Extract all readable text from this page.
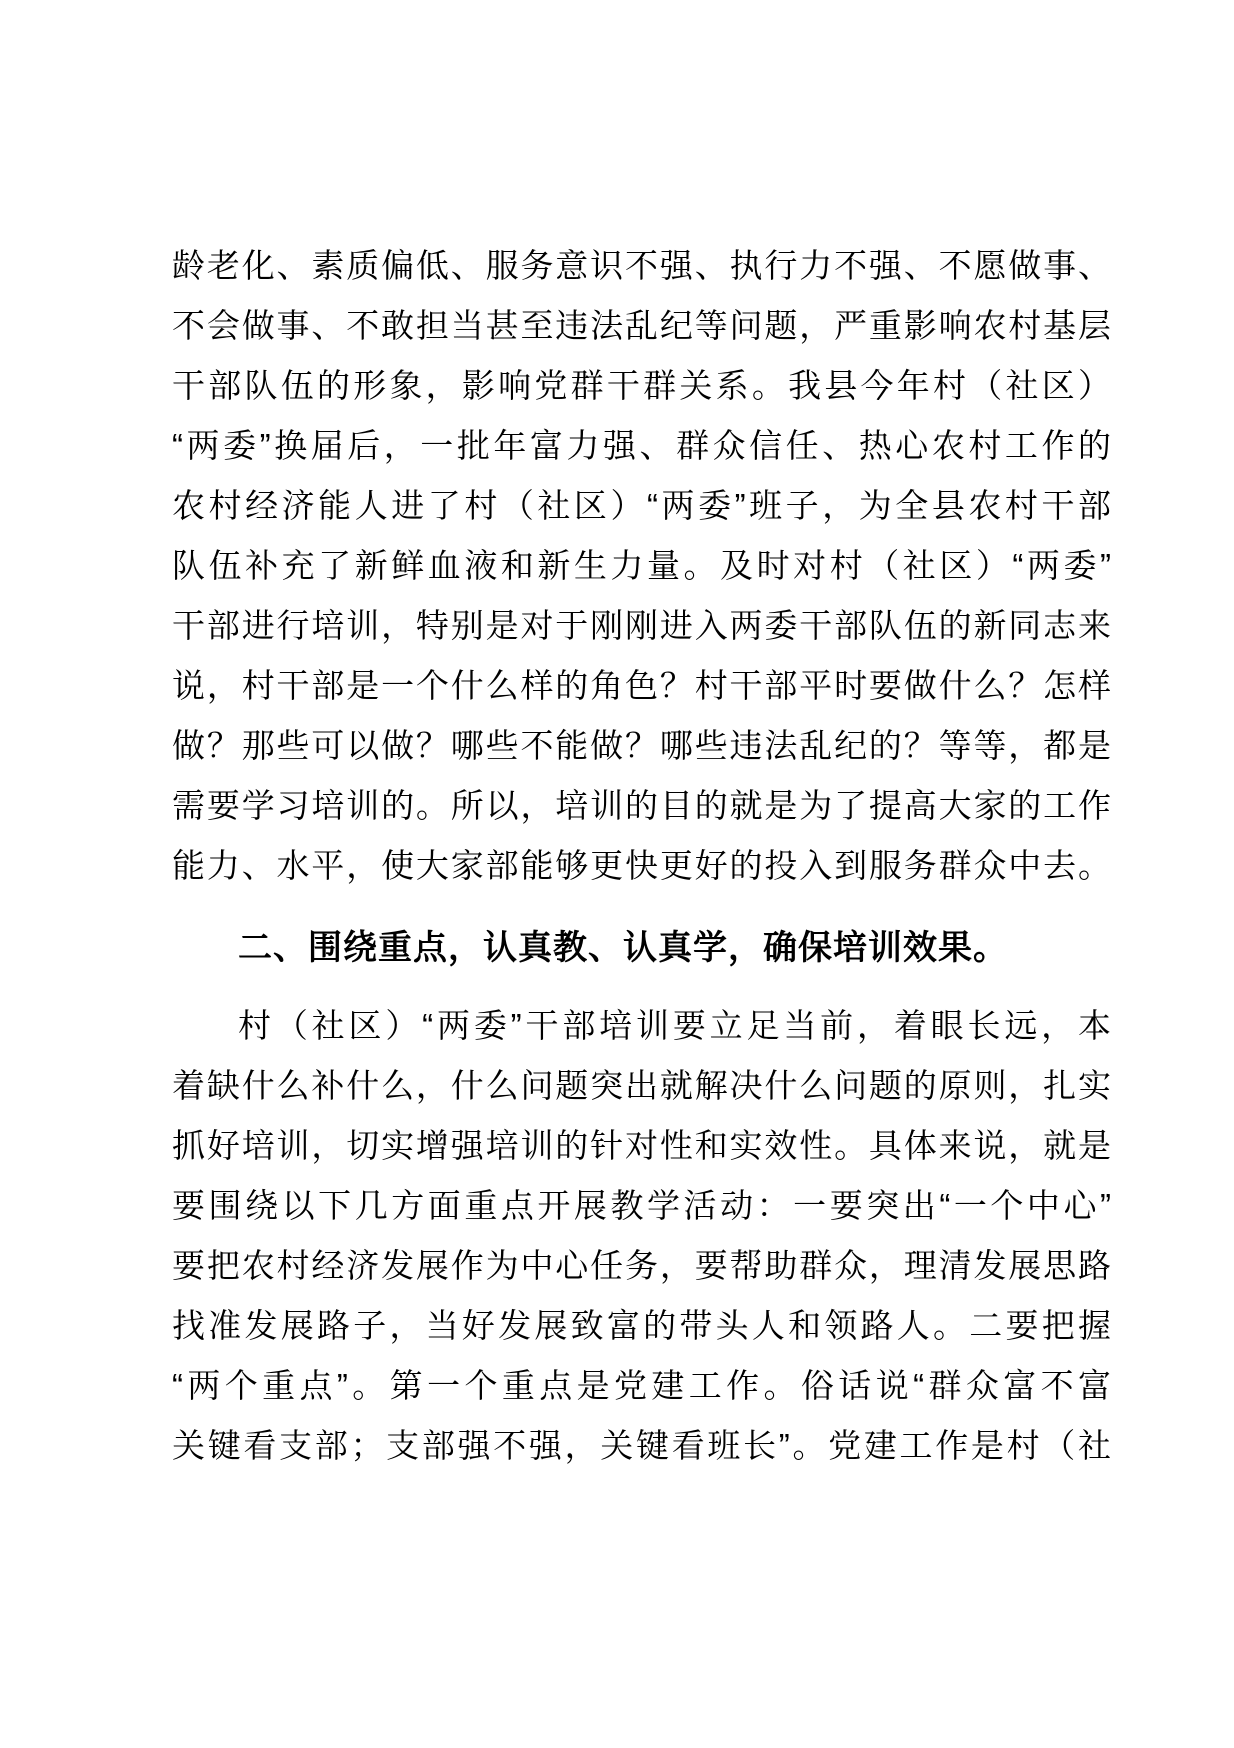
龄老化、素质偏低、服务意识不强、执行力不强、不愿做事、
不会做事、不敢担当甚至违法乱纪等问题，严重影响农村基层
干部队伍的形象，影响党群干群关系。我县今年村（社区）
“两委”换届后，一批年富力强、群众信任、热心农村工作的
农村经济能人进了村（社区）“两委”班子，为全县农村干部
队伍补充了新鲜血液和新生力量。及时对村（社区）“两委”
干部进行培训，特别是对于刚刚进入两委干部队伍的新同志来
说，村干部是一个什么样的角色？村干部平时要做什么？怎样
做？那些可以做？哪些不能做？哪些违法乱纪的？等等，都是
需要学习培训的。所以，培训的目的就是为了提高大家的工作
能力、水平，使大家部能够更快更好的投入到服务群众中去。
二、围绕重点，认真教、认真学，确保培训效果。
村（社区）“两委”干部培训要立足当前，着眼长远，本
着缺什么补什么，什么问题突出就解决什么问题的原则，扎实
抓好培训，切实增强培训的针对性和实效性。具体来说，就是
要围绕以下几方面重点开展教学活动：一要突出“一个中心”
要把农村经济发展作为中心任务，要帮助群众，理清发展思路
找准发展路子，当好发展致富的带头人和领路人。二要把握
“两个重点”。第一个重点是党建工作。俗话说“群众富不富
关键看支部；支部强不强，关键看班长”。党建工作是村（社
